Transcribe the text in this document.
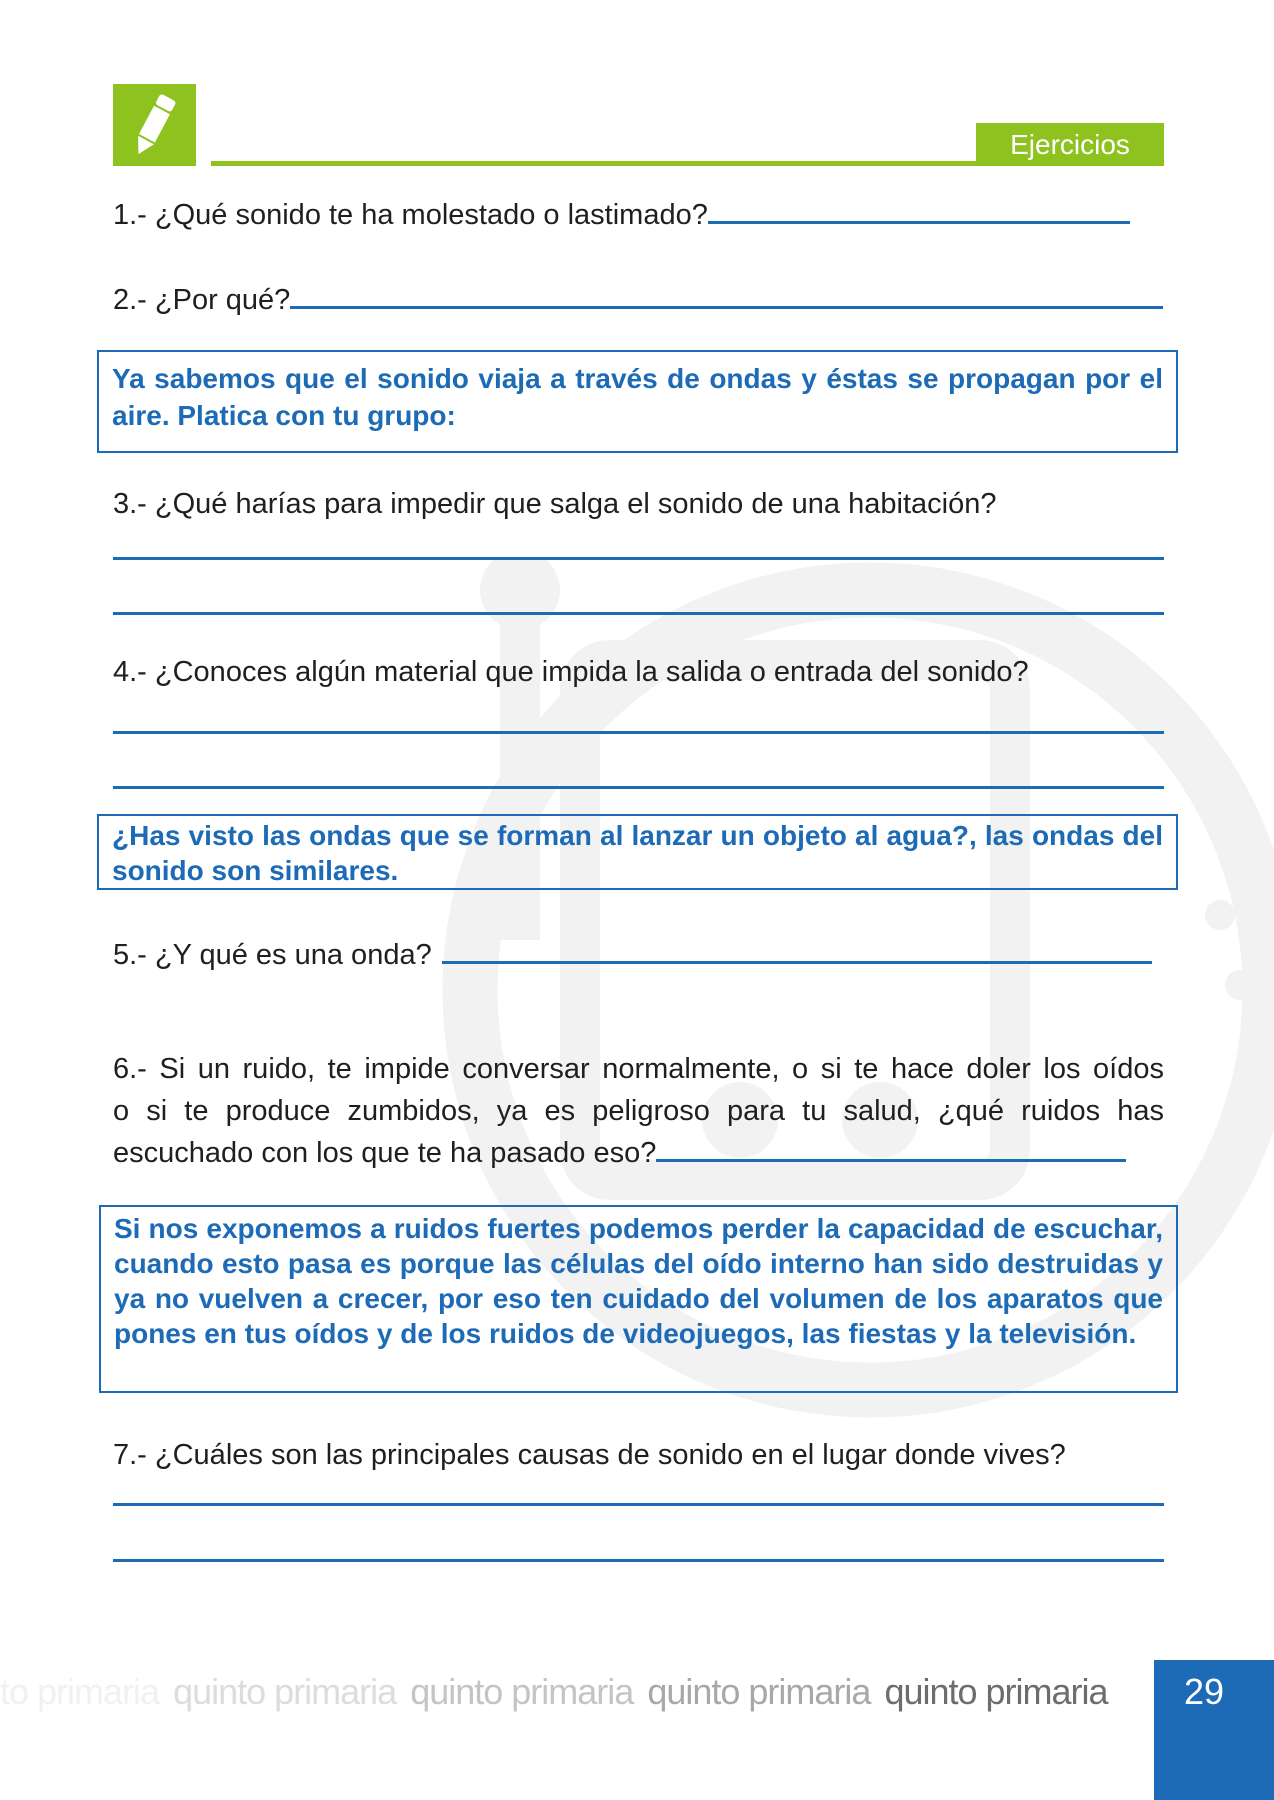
Ejercicios
1.- ¿Qué sonido te ha molestado o lastimado?
2.- ¿Por qué?

Ya sabemos que el sonido viaja a través de ondas y éstas se propagan por el aire. Platica con tu grupo:

3.- ¿Qué harías para impedir que salga el sonido de una habitación?
4.- ¿Conoces algún material que impida la salida o entrada del sonido?

¿Has visto las ondas que se forman al lanzar un objeto al agua?, las ondas del sonido son similares.

5.- ¿Y qué es una onda?
6.- Si un ruido, te impide conversar normalmente, o si te hace doler los oídos
o si te produce zumbidos, ya es peligroso para tu salud, ¿qué ruidos has
escuchado con los que te ha pasado eso?

Si nos exponemos a ruidos fuertes podemos perder la capacidad de escuchar, cuando esto pasa es porque las células del oído interno han sido destruidas y ya no vuelven a crecer, por eso ten cuidado del volumen de los aparatos que pones en tus oídos y de los ruidos de videojuegos, las fiestas y la televisión.

7.- ¿Cuáles son las principales causas de sonido en el lugar donde vives?
to primaria quinto primaria quinto primaria quinto primaria quinto primaria	29
